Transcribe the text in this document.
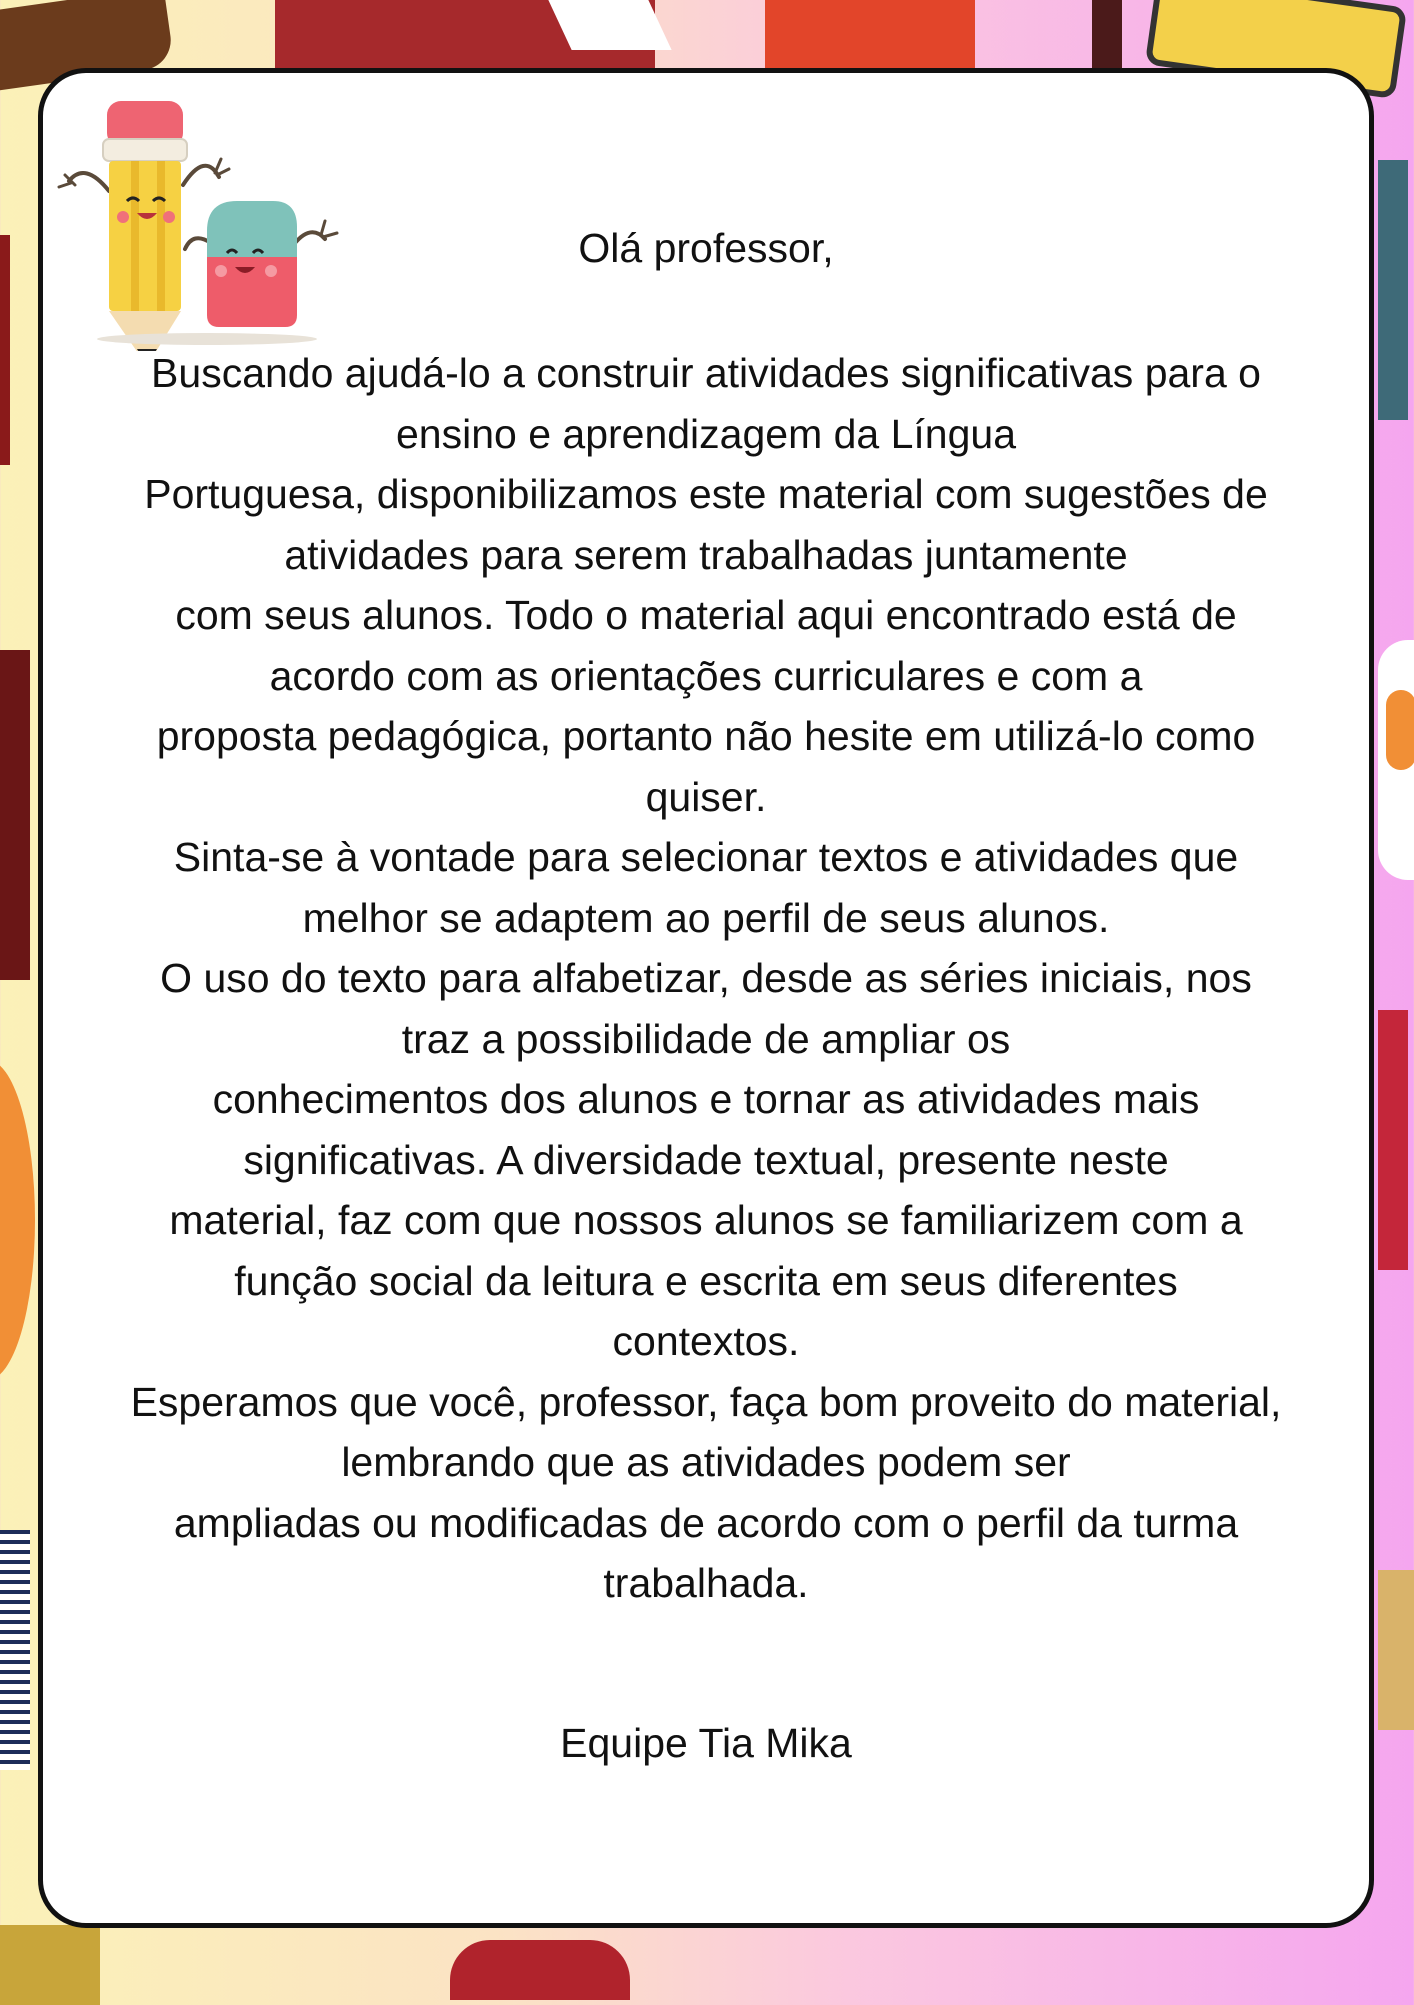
Olá professor,

Buscando ajudá-lo a construir atividades significativas para o
ensino e aprendizagem da Língua
Portuguesa, disponibilizamos este material com sugestões de
atividades para serem trabalhadas juntamente
com seus alunos. Todo o material aqui encontrado está de
acordo com as orientações curriculares e com a
proposta pedagógica, portanto não hesite em utilizá-lo como
quiser.
Sinta-se à vontade para selecionar textos e atividades que
melhor se adaptem ao perfil de seus alunos.
O uso do texto para alfabetizar, desde as séries iniciais, nos
traz a possibilidade de ampliar os
conhecimentos dos alunos e tornar as atividades mais
significativas. A diversidade textual, presente neste
material, faz com que nossos alunos se familiarizem com a
função social da leitura e escrita em seus diferentes
contextos.
Esperamos que você, professor, faça bom proveito do material,
lembrando que as atividades podem ser
ampliadas ou modificadas de acordo com o perfil da turma
trabalhada.

Equipe Tia Mika
